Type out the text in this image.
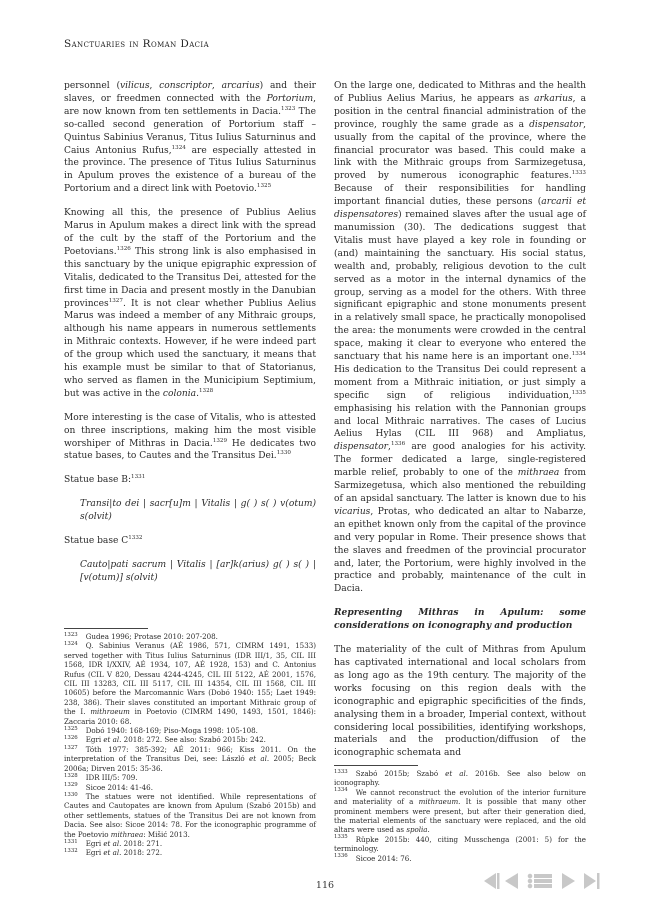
Sanctuaries in Roman Dacia

personnel (vilicus, conscriptor, arcarius) and their slaves, or freedmen connected with the Portorium, are now known from ten settlements in Dacia.$^{1323}$ The so-called second generation of Portorium staff – Quintus Sabinius Veranus, Titus Iulius Saturninus and Caius Antonius Rufus,$^{1324}$ are especially attested in the province. The presence of Titus Iulius Saturninus in Apulum proves the existence of a bureau of the Portorium and a direct link with Poetovio.$^{1325}$

Knowing all this, the presence of Publius Aelius Marus in Apulum makes a direct link with the spread of the cult by the staff of the Portorium and the Poetovians.$^{1326}$ This strong link is also emphasised in this sanctuary by the unique epigraphic expression of Vitalis, dedicated to the Transitus Dei, attested for the first time in Dacia and present mostly in the Danubian provinces$^{1327}$. It is not clear whether Publius Aelius Marus was indeed a member of any Mithraic groups, although his name appears in numerous settlements in Mithraic contexts. However, if he were indeed part of the group which used the sanctuary, it means that his example must be similar to that of Statorianus, who served as flamen in the Municipium Septimium, but was active in the colonia.$^{1328}$

More interesting is the case of Vitalis, who is attested on three inscriptions, making him the most visible worshiper of Mithras in Dacia.$^{1329}$ He dedicates two statue bases, to Cautes and the Transitus Dei.$^{1330}$

Statue base B:$^{1331}$

Transi|to dei | sacr[u]m | Vitalis | g( ) s( ) v(otum) s(olvit)

Statue base C$^{1332}$

Cauto|pati sacrum | Vitalis | [ar]k(arius) g( ) s( ) | [v(otum)] s(olvit)

On the large one, dedicated to Mithras and the health of Publius Aelius Marius, he appears as arkarius, a position in the central financial administration of the province, roughly the same grade as a dispensator, usually from the capital of the province, where the financial procurator was based. This could make a link with the Mithraic groups from Sarmizegetusa, proved by numerous iconographic features.$^{1333}$ Because of their responsibilities for handling important financial duties, these persons (arcarii et dispensatores) remained slaves after the usual age of manumission (30). The dedications suggest that Vitalis must have played a key role in founding or (and) maintaining the sanctuary. His social status, wealth and, probably, religious devotion to the cult served as a motor in the internal dynamics of the group, serving as a model for the others. With three significant epigraphic and stone monuments present in a relatively small space, he practically monopolised the area: the monuments were crowded in the central space, making it clear to everyone who entered the sanctuary that his name here is an important one.$^{1334}$ His dedication to the Transitus Dei could represent a moment from a Mithraic initiation, or just simply a specific sign of religious individuation,$^{1335}$ emphasising his relation with the Pannonian groups and local Mithraic narratives. The cases of Lucius Aelius Hylas (CIL III 968) and Ampliatus, dispensator,$^{1336}$ are good analogies for his activity. The former dedicated a large, single-registered marble relief, probably to one of the mithraea from Sarmizegetusa, which also mentioned the rebuilding of an apsidal sanctuary. The latter is known due to his vicarius, Protas, who dedicated an altar to Nabarze, an epithet known only from the capital of the province and very popular in Rome. Their presence shows that the slaves and freedmen of the provincial procurator and, later, the Portorium, were highly involved in the practice and probably, maintenance of the cult in Dacia.

Representing Mithras in Apulum: some considerations on iconography and production

The materiality of the cult of Mithras from Apulum has captivated international and local scholars from as long ago as the 19th century. The majority of the works focusing on this region deals with the iconographic and epigraphic specificities of the finds, analysing them in a broader, Imperial context, without considering local possibilities, identifying workshops, materials and the production/diffusion of the iconographic schemata and

$^{1323}$ Gudea 1996; Protase 2010: 207-208.

$^{1324}$ Q. Sabinius Veranus (AÉ 1986, 571, CIMRM 1491, 1533) served together with Titus Iulius Saturninus (IDR III/1, 35, CIL III 1568, IDR I/XXIV, AÉ 1934, 107, AÉ 1928, 153) and C. Antonius Rufus (CIL V 820, Dessau 4244-4245, CIL III 5122, AÉ 2001, 1576, CIL III 13283, CIL III 5117, CIL III 14354, CIL III 1568, CIL III 10605) before the Marcomannic Wars (Dobó 1940: 155; Laet 1949: 238, 386). Their slaves constituted an important Mithraic group of the I. mithraeum in Poetovio (CIMRM 1490, 1493, 1501, 1846): Zaccaria 2010: 68.

$^{1325}$ Dobó 1940: 168-169; Piso-Moga 1998: 105-108.

$^{1326}$ Egri et al. 2018: 272. See also: Szabó 2015b: 242.

$^{1327}$ Tóth 1977: 385-392; AÉ 2011: 966; Kiss 2011. On the interpretation of the Transitus Dei, see: László et al. 2005; Beck 2006a; Dirven 2015: 35-36.

$^{1328}$ IDR III/5: 709.

$^{1329}$ Sicoe 2014: 41-46.

$^{1330}$ The statues were not identified. While representations of Cautes and Cautopates are known from Apulum (Szabó 2015b) and other settlements, statues of the Transitus Dei are not known from Dacia. See also: Sicoe 2014: 78. For the iconographic programme of the Poetovio mithraea: Mišić 2013.

$^{1331}$ Egri et al. 2018: 271.

$^{1332}$ Egri et al. 2018: 272.

$^{1333}$ Szabó 2015b; Szabó et al. 2016b. See also below on iconography.

$^{1334}$ We cannot reconstruct the evolution of the interior furniture and materiality of a mithraeum. It is possible that many other prominent members were present, but after their generation died, the material elements of the sanctuary were replaced, and the old altars were used as spolia.

$^{1335}$ Rüpke 2015b: 440, citing Musschenga (2001: 5) for the terminology.

$^{1336}$ Sicoe 2014: 76.

116
